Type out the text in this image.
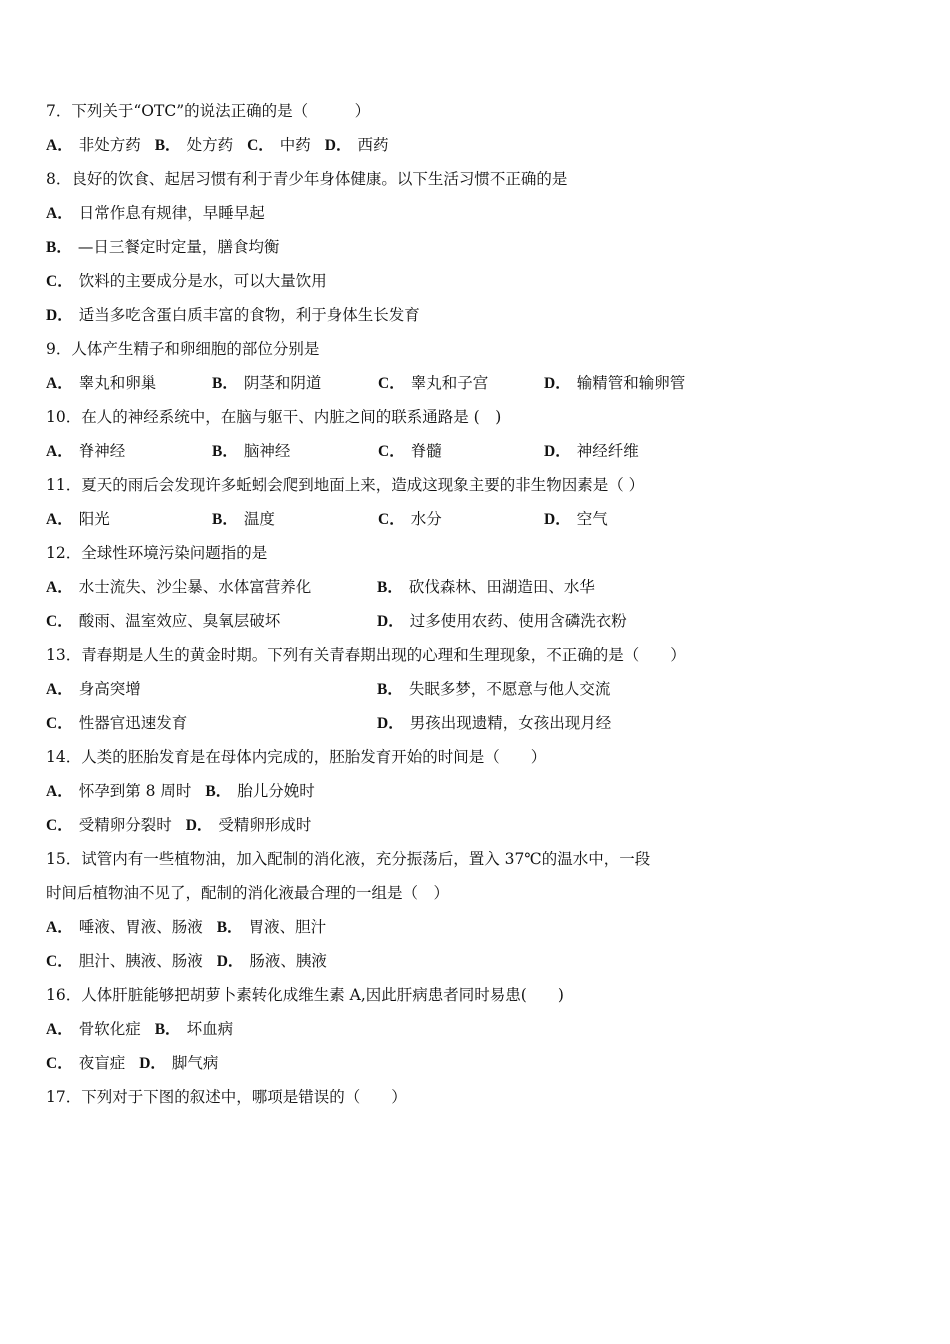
7．下列关于“OTC”的说法正确的是（　　　）
A． 非处方药 B． 处方药 C． 中药 D． 西药
8．良好的饮食、起居习惯有利于青少年身体健康。以下生活习惯不正确的是
A． 日常作息有规律，早睡早起
B． —日三餐定时定量，膳食均衡
C． 饮料的主要成分是水，可以大量饮用
D． 适当多吃含蛋白质丰富的食物，利于身体生长发育
9．人体产生精子和卵细胞的部位分别是
A． 睾丸和卵巢	B． 阴茎和阴道	C． 睾丸和子宫	D． 输精管和输卵管
10．在人的神经系统中，在脑与躯干、内脏之间的联系通路是 (　)
A． 脊神经	B． 脑神经	C． 脊髓	D． 神经纤维
11．夏天的雨后会发现许多蚯蚓会爬到地面上来，造成这现象主要的非生物因素是（ ）
A． 阳光	B． 温度	C． 水分	D． 空气
12．全球性环境污染问题指的是
A． 水士流失、沙尘暴、水体富营养化	B． 砍伐森林、田湖造田、水华
C． 酸雨、温室效应、臭氧层破坏	D． 过多使用农药、使用含磷洗衣粉
13．青春期是人生的黄金时期。下列有关青春期出现的心理和生理现象，不正确的是（　　）
A． 身高突增	B． 失眠多梦，不愿意与他人交流
C． 性器官迅速发育	D． 男孩出现遗精，女孩出现月经
14．人类的胚胎发育是在母体内完成的，胚胎发育开始的时间是（　　）
A． 怀孕到第 8 周时 B． 胎儿分娩时
C． 受精卵分裂时 D． 受精卵形成时
15．试管内有一些植物油，加入配制的消化液，充分振荡后，置入 37℃的温水中，一段
时间后植物油不见了，配制的消化液最合理的一组是（　）
A． 唾液、胃液、肠液 B． 胃液、胆汁
C． 胆汁、胰液、肠液 D． 肠液、胰液
16．人体肝脏能够把胡萝卜素转化成维生素 A,因此肝病患者同时易患(　　)
A． 骨软化症 B． 坏血病
C． 夜盲症 D． 脚气病
17．下列对于下图的叙述中，哪项是错误的（　　）
